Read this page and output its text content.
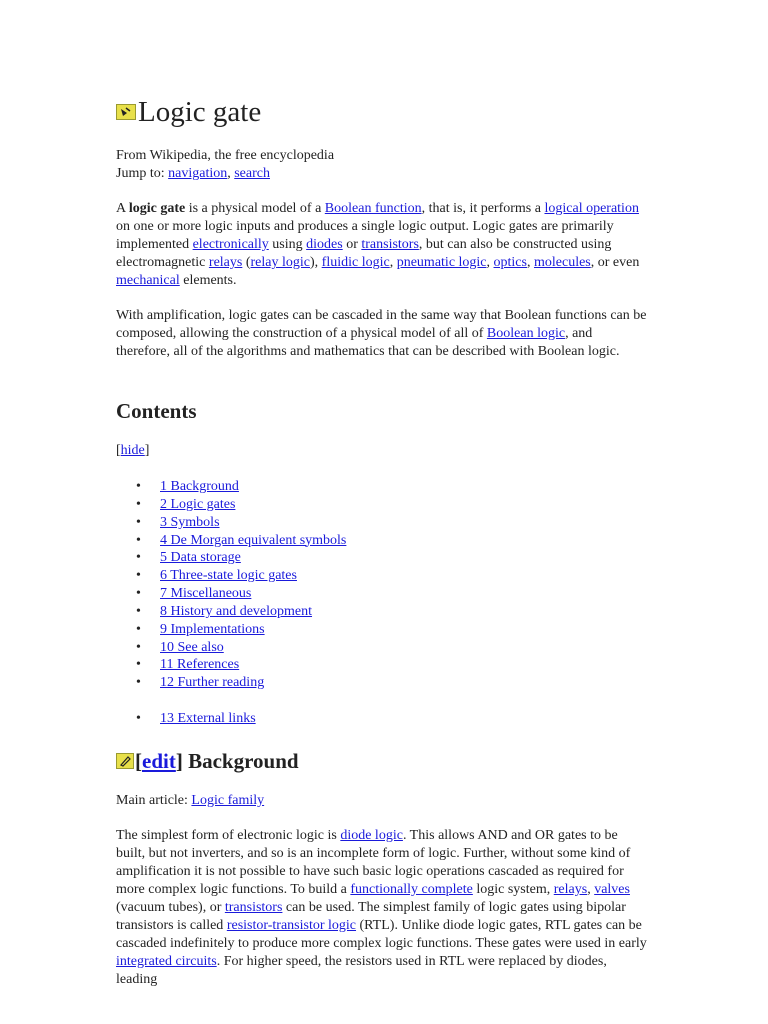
Logic gate

From Wikipedia, the free encyclopedia

Jump to: navigation, search

A logic gate is a physical model of a Boolean function, that is, it performs a logical operation on one or more logic inputs and produces a single logic output. Logic gates are primarily implemented electronically using diodes or transistors, but can also be constructed using electromagnetic relays (relay logic), fluidic logic, pneumatic logic, optics, molecules, or even mechanical elements.

With amplification, logic gates can be cascaded in the same way that Boolean functions can be composed, allowing the construction of a physical model of all of Boolean logic, and therefore, all of the algorithms and mathematics that can be described with Boolean logic.

Contents
[hide]
• 1 Background
• 2 Logic gates
• 3 Symbols
• 4 De Morgan equivalent symbols
• 5 Data storage
• 6 Three-state logic gates
• 7 Miscellaneous
• 8 History and development
• 9 Implementations
• 10 See also
• 11 References
• 12 Further reading
• 13 External links
[edit] Background

Main article: Logic family

The simplest form of electronic logic is diode logic. This allows AND and OR gates to be built, but not inverters, and so is an incomplete form of logic. Further, without some kind of amplification it is not possible to have such basic logic operations cascaded as required for more complex logic functions. To build a functionally complete logic system, relays, valves (vacuum tubes), or transistors can be used. The simplest family of logic gates using bipolar transistors is called resistor-transistor logic (RTL). Unlike diode logic gates, RTL gates can be cascaded indefinitely to produce more complex logic functions. These gates were used in early integrated circuits. For higher speed, the resistors used in RTL were replaced by diodes, leading
